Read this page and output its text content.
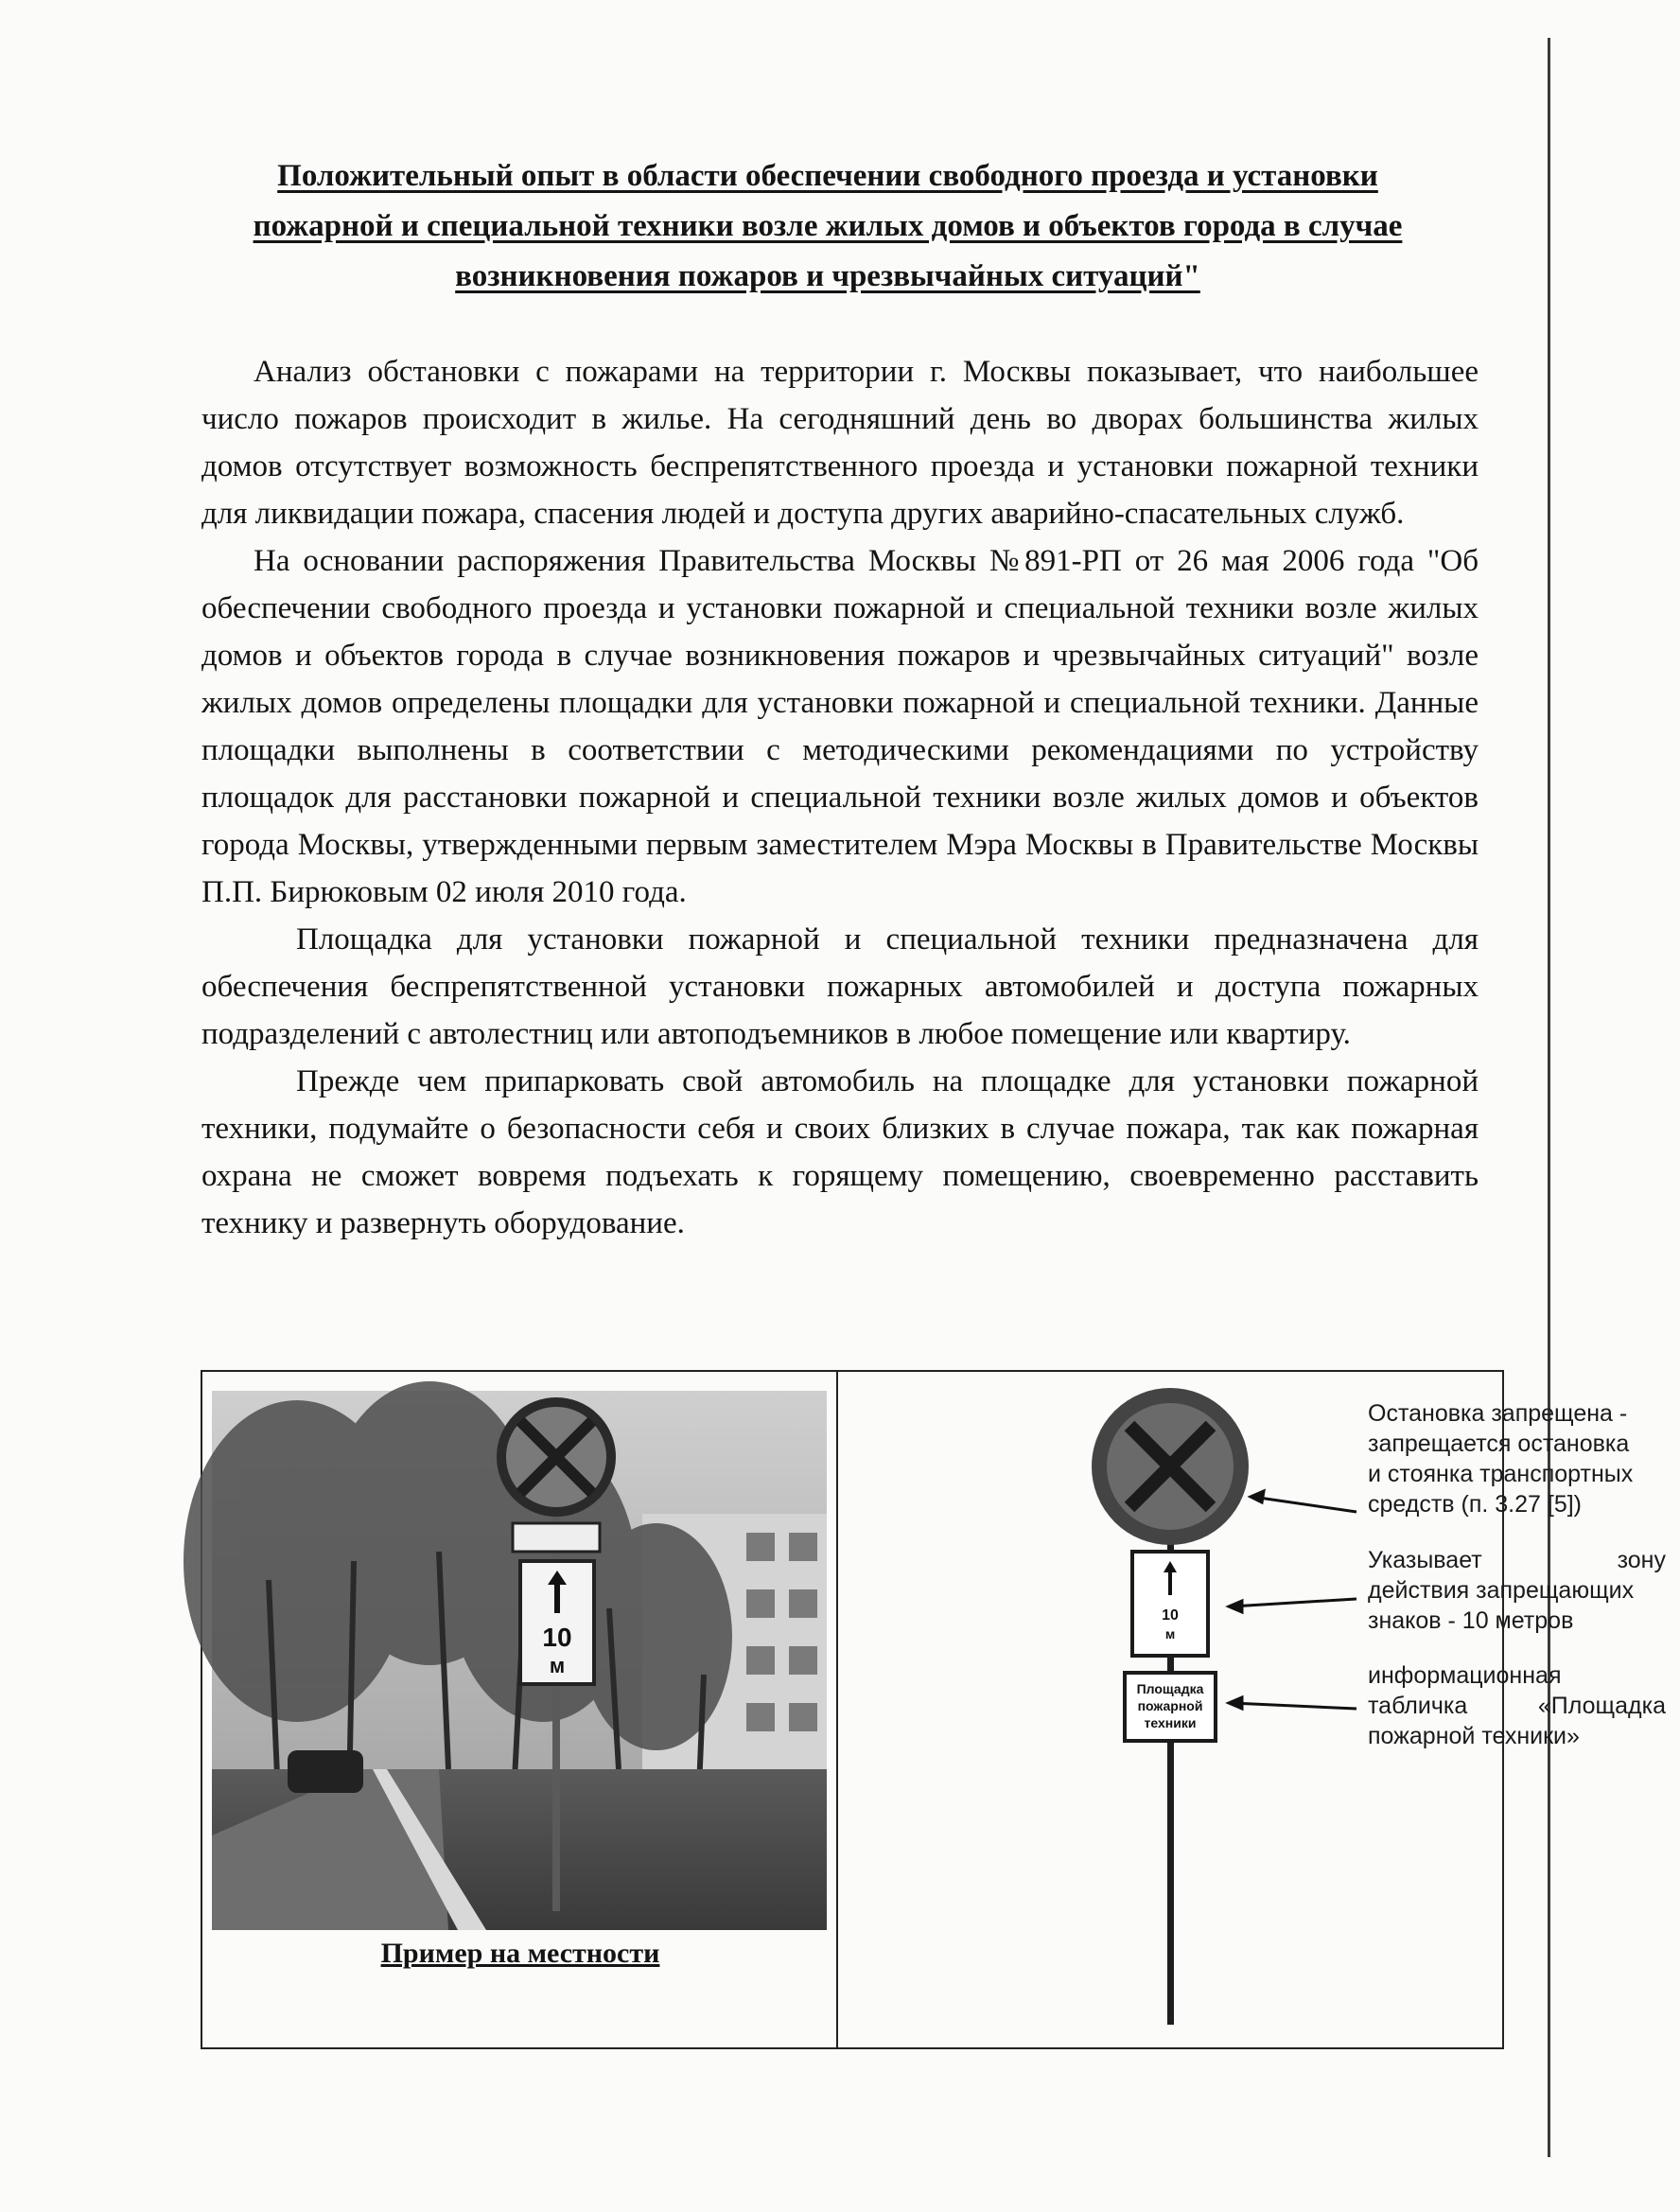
Положительный опыт в области обеспечении свободного проезда и установки пожарной и специальной техники возле жилых домов и объектов города в случае возникновения пожаров и чрезвычайных ситуаций"

Анализ обстановки с пожарами на территории г. Москвы показывает, что наибольшее число пожаров происходит в жилье. На сегодняшний день во дворах большинства жилых домов отсутствует возможность беспрепятственного проезда и установки пожарной техники для ликвидации пожара, спасения людей и доступа других аварийно-спасательных служб.

На основании распоряжения Правительства Москвы №891-РП от 26 мая 2006 года "Об обеспечении свободного проезда и установки пожарной и специальной техники возле жилых домов и объектов города в случае возникновения пожаров и чрезвычайных ситуаций" возле жилых домов определены площадки для установки пожарной и специальной техники. Данные площадки выполнены в соответствии с методическими рекомендациями по устройству площадок для расстановки пожарной и специальной техники возле жилых домов и объектов города Москвы, утвержденными первым заместителем Мэра Москвы в Правительстве Москвы П.П. Бирюковым 02 июля 2010 года.

Площадка для установки пожарной и специальной техники предназначена для обеспечения беспрепятственной установки пожарных автомобилей и доступа пожарных подразделений с автолестниц или автоподъемников в любое помещение или квартиру.

Прежде чем припарковать свой автомобиль на площадке для установки пожарной техники, подумайте о безопасности себя и своих близких в случае пожара, так как пожарная охрана не сможет вовремя подъехать к горящему помещению, своевременно расставить технику и развернуть оборудование.

10
м
Пример на местности
10
м
Площадка
пожарной
техники
Остановка запрещена -
запрещается остановка
и стоянка транспортных
средств (п. 3.27 [5])
Указывает	зону
действия запрещающих
знаков - 10 метров
информационная
табличка	«Площадка
пожарной техники»
